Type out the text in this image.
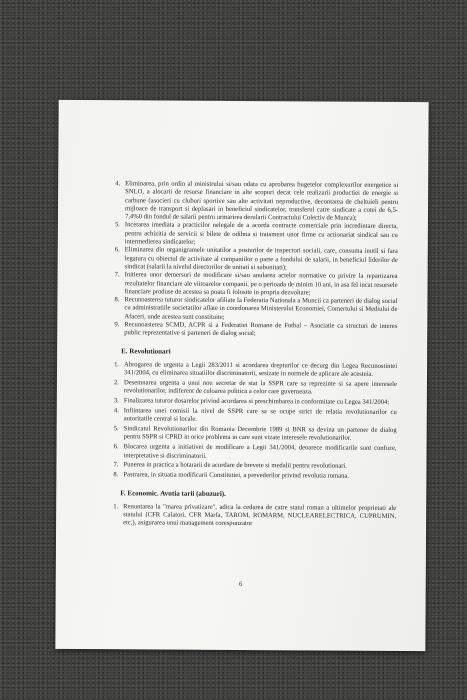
4. Eliminarea, prin ordin al ministrului si/sau odata cu aprobarea bugetelor complexurilor energetice si SNLO, a alocarii de resurse financiare in alte scopuri decat cele realizarii productiei de energie si carbune (asocieri cu cluburi sportive sau alte activitati neproductive, decontarea de cheltuieli pentru mijloace de transport si deplasari in beneficiul sindicatelor, transferul catre sindicate a cotei de 6,5-7,4%0 din fondul de salarii pentru urmarirea derularii Contractului Colectiv de Munca);
5. Incetarea imediata a practicilor nelegale de a acorda contracte comerciale prin incredintare directa, pentru achizitia de servicii si bilete de odihna si tratament unor firme cu actionariat sindical sau cu intermedierea sindicatelor;
6. Eliminarea din organigramele unitatilor a posturilor de inspectori sociali, care, consuma inutil si fara legatura cu obiectul de activitate al companiilor o parte a fondului de salarii, in beneficiul liderilor de sindicat (salarii la nivelul directorilor de unitati si subunitati);
7. Initierea unor demersuri de modificare si/sau anularea actelor normative cu privire la repartizarea rezultatelor financiare ale viitoarelor companii, pe o perioada de minim 10 ani, in asa fel incat resursele financiare produse de acestea sa poata fi folosite in propria dezvoltare;
8. Recunoasterea tuturor sindicatelor afiliate la Federatia Nationala a Muncii ca parteneri de dialog social cu administratiile societatilor aflate in coordonarea Ministerului Economiei, Comertului si Mediului de Afaceri, unde acestea sunt constituite;
9. Recunoasterea SCMD, ACPR si a Federatiei Romane de Fotbal – Asociatie ca structuri de interes public reprezentative si parteneri de dialog social;
E. Revolutionari
1. Abrogarea de urgenta a Legii 283/2011 si acordarea drepturilor ce decurg din Legea Recunostintei 341/2004, cu eliminarea situatiilor discriminatorii, sesizate in normele de aplicare ale acesteia.
2. Desemnarea urgenta a unui nou secretar de stat la SSPR care sa reprezinte si sa apere interesele revolutionarilor, indiferent de culoarea politica a celor care guverneaza.
3. Finalizarea tuturor dosarelor privind acordarea si preschimbarea in conformitate cu Legea 341/2004;
4. Infiintarea unei comisii la nivel de SSPR care sa se ocupe strict de relatia revolutionarilor cu autoritatile central si locale.
5. Sindicatul Revolutionarilor din Romania Decembrie 1989 si BNR sa devina un partener de dialog pentru SSPR si CPRD in orice problema in care sunt vizate interesele revolutionarilor.
6. Blocarea urgenta a initiativei de modificare a Legii 341/2004, deoarece modificarile sunt confuze, interpretative si discriminatorii.
7. Punerea in practica a hotararii de acordare de brevete si medalii pentru revolutionari.
8. Pastrarea, in situatia modificarii Constitutiei, a prevederilor privind revolutia romana.
F. Economic. Avutia tarii (abuzuri).
1. Renuntarea la "marea privatizare", adica la cedarea de catre statul roman a ultimelor proprietati ale statului (CFR Calatori, CFR Marfa, TAROM, ROMARM, NUCLEARELECTRICA, CUPRUMIN, etc.), asigurarea unui management corespunzator
6
